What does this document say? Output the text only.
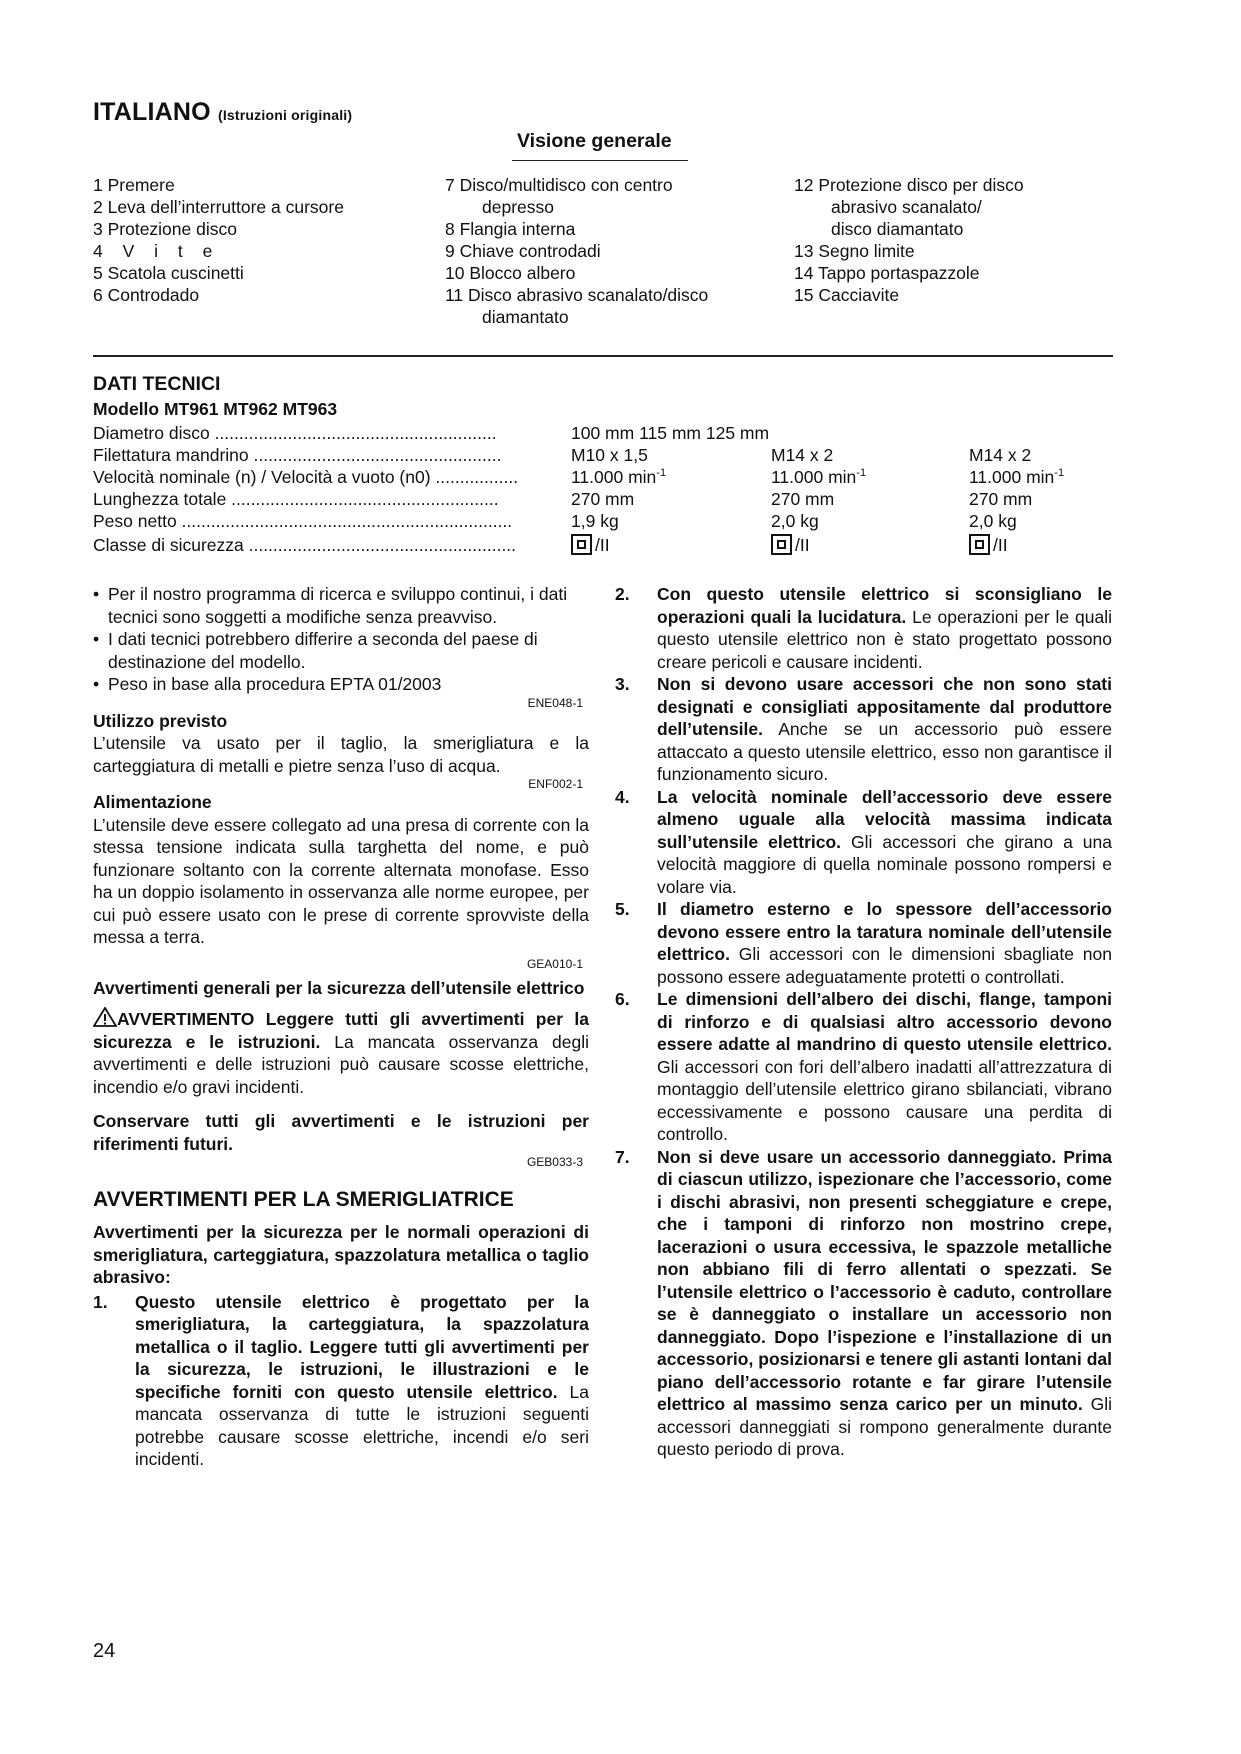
ITALIANO (Istruzioni originali)
Visione generale
1 Premere
2 Leva dell’interruttore a cursore
3 Protezione disco
4 V i t e
5 Scatola cuscinetti
6 Controdado
7 Disco/multidisco con centro
depresso
8 Flangia interna
9 Chiave controdadi
10 Blocco albero
11 Disco abrasivo scanalato/disco
diamantato
12 Protezione disco per disco
abrasivo scanalato/
disco diamantato
13 Segno limite
14 Tappo portaspazzole
15 Cacciavite
DATI TECNICI
Modello MT961 MT962 MT963
Diametro disco ..........................................................	100 mm 115 mm 125 mm
Filettatura mandrino ...................................................	M10 x 1,5	M14 x 2	M14 x 2
Velocità nominale (n) / Velocità a vuoto (n0) .................	11.000 $\min^{-1}$	11.000 $\min^{-1}$	11.000 $\min^{-1}$
Lunghezza totale .......................................................	270 mm	270 mm	270 mm
Peso netto ....................................................................	1,9 kg	2,0 kg	2,0 kg
Classe di sicurezza .......................................................	/II	/II	/II
• Per il nostro programma di ricerca e sviluppo continui, i dati tecnici sono soggetti a modifiche senza preavviso.
• I dati tecnici potrebbero differire a seconda del paese di destinazione del modello.
• Peso in base alla procedura EPTA 01/2003
ENE048-1
Utilizzo previsto
L’utensile va usato per il taglio, la smerigliatura e la carteggiatura di metalli e pietre senza l’uso di acqua.
ENF002-1
Alimentazione
L’utensile deve essere collegato ad una presa di corrente con la stessa tensione indicata sulla targhetta del nome, e può funzionare soltanto con la corrente alternata monofase. Esso ha un doppio isolamento in osservanza alle norme europee, per cui può essere usato con le prese di corrente sprovviste della messa a terra.
GEA010-1
Avvertimenti generali per la sicurezza dell’utensile elettrico
AVVERTIMENTO Leggere tutti gli avvertimenti per la sicurezza e le istruzioni. La mancata osservanza degli avvertimenti e delle istruzioni può causare scosse elettriche, incendio e/o gravi incidenti.
Conservare tutti gli avvertimenti e le istruzioni per riferimenti futuri.
GEB033-3
AVVERTIMENTI PER LA SMERIGLIATRICE
Avvertimenti per la sicurezza per le normali operazioni di smerigliatura, carteggiatura, spazzolatura metallica o taglio abrasivo:
1. Questo utensile elettrico è progettato per la smerigliatura, la carteggiatura, la spazzolatura metallica o il taglio. Leggere tutti gli avvertimenti per la sicurezza, le istruzioni, le illustrazioni e le specifiche forniti con questo utensile elettrico. La mancata osservanza di tutte le istruzioni seguenti potrebbe causare scosse elettriche, incendi e/o seri incidenti.
2. Con questo utensile elettrico si sconsigliano le operazioni quali la lucidatura. Le operazioni per le quali questo utensile elettrico non è stato progettato possono creare pericoli e causare incidenti.
3. Non si devono usare accessori che non sono stati designati e consigliati appositamente dal produttore dell’utensile. Anche se un accessorio può essere attaccato a questo utensile elettrico, esso non garantisce il funzionamento sicuro.
4. La velocità nominale dell’accessorio deve essere almeno uguale alla velocità massima indicata sull’utensile elettrico. Gli accessori che girano a una velocità maggiore di quella nominale possono rompersi e volare via.
5. Il diametro esterno e lo spessore dell’accessorio devono essere entro la taratura nominale dell’utensile elettrico. Gli accessori con le dimensioni sbagliate non possono essere adeguatamente protetti o controllati.
6. Le dimensioni dell’albero dei dischi, flange, tamponi di rinforzo e di qualsiasi altro accessorio devono essere adatte al mandrino di questo utensile elettrico. Gli accessori con fori dell’albero inadatti all’attrezzatura di montaggio dell’utensile elettrico girano sbilanciati, vibrano eccessivamente e possono causare una perdita di controllo.
7. Non si deve usare un accessorio danneggiato. Prima di ciascun utilizzo, ispezionare che l’accessorio, come i dischi abrasivi, non presenti scheggiature e crepe, che i tamponi di rinforzo non mostrino crepe, lacerazioni o usura eccessiva, le spazzole metalliche non abbiano fili di ferro allentati o spezzati. Se l’utensile elettrico o l’accessorio è caduto, controllare se è danneggiato o installare un accessorio non danneggiato. Dopo l’ispezione e l’installazione di un accessorio, posizionarsi e tenere gli astanti lontani dal piano dell’accessorio rotante e far girare l’utensile elettrico al massimo senza carico per un minuto. Gli accessori danneggiati si rompono generalmente durante questo periodo di prova.
24
